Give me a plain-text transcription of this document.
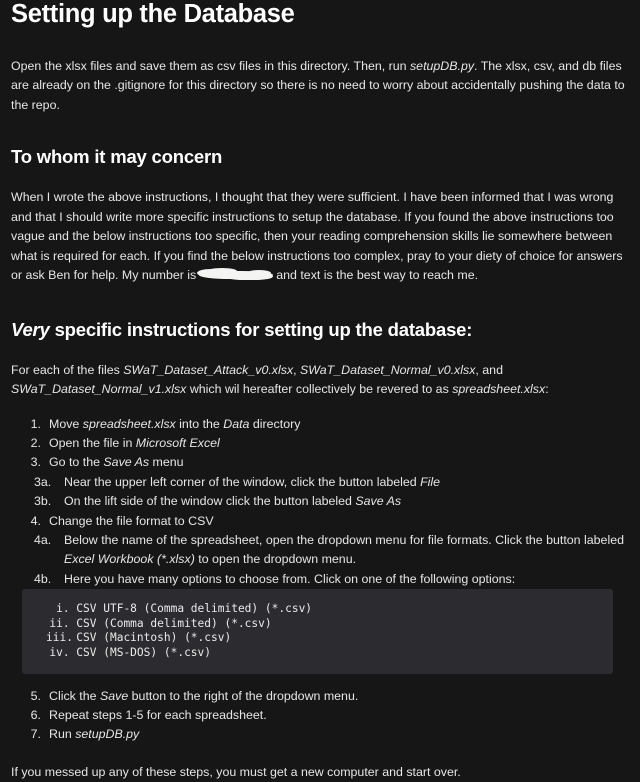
Setting up the Database

Open the xlsx files and save them as csv files in this directory. Then, run setupDB.py. The xlsx, csv, and db files are already on the .gitignore for this directory so there is no need to worry about accidentally pushing the data to the repo.

To whom it may concern

When I wrote the above instructions, I thought that they were sufficient. I have been informed that I was wrong and that I should write more specific instructions to setup the database. If you found the above instructions too vague and the below instructions too specific, then your reading comprehension skills lie somewhere between what is required for each. If you find the below instructions too complex, pray to your diety of choice for answers or ask Ben for help. My number is	and text is the best way to reach me.

Very specific instructions for setting up the database:

For each of the files SWaT_Dataset_Attack_v0.xlsx, SWaT_Dataset_Normal_v0.xlsx, and SWaT_Dataset_Normal_v1.xlsx which wil hereafter collectively be revered to as spreadsheet.xlsx:

1. Move spreadsheet.xlsx into the Data directory
2. Open the file in Microsoft Excel
3. Go to the Save As menu
3a.	Near the upper left corner of the window, click the button labeled File
3b.	On the lift side of the window click the button labeled Save As
4. Change the file format to CSV
4a.	Below the name of the spreadsheet, open the dropdown menu for file formats. Click the button labeled Excel Workbook (*.xlsx) to open the dropdown menu.
4b.	Here you have many options to choose from. Click on one of the following options:
i. CSV UTF-8 (Comma delimited) (*.csv)
ii. CSV (Comma delimited) (*.csv)
iii. CSV (Macintosh) (*.csv)
iv. CSV (MS-DOS) (*.csv)
5. Click the Save button to the right of the dropdown menu.
6. Repeat steps 1-5 for each spreadsheet.
7. Run setupDB.py

If you messed up any of these steps, you must get a new computer and start over.
